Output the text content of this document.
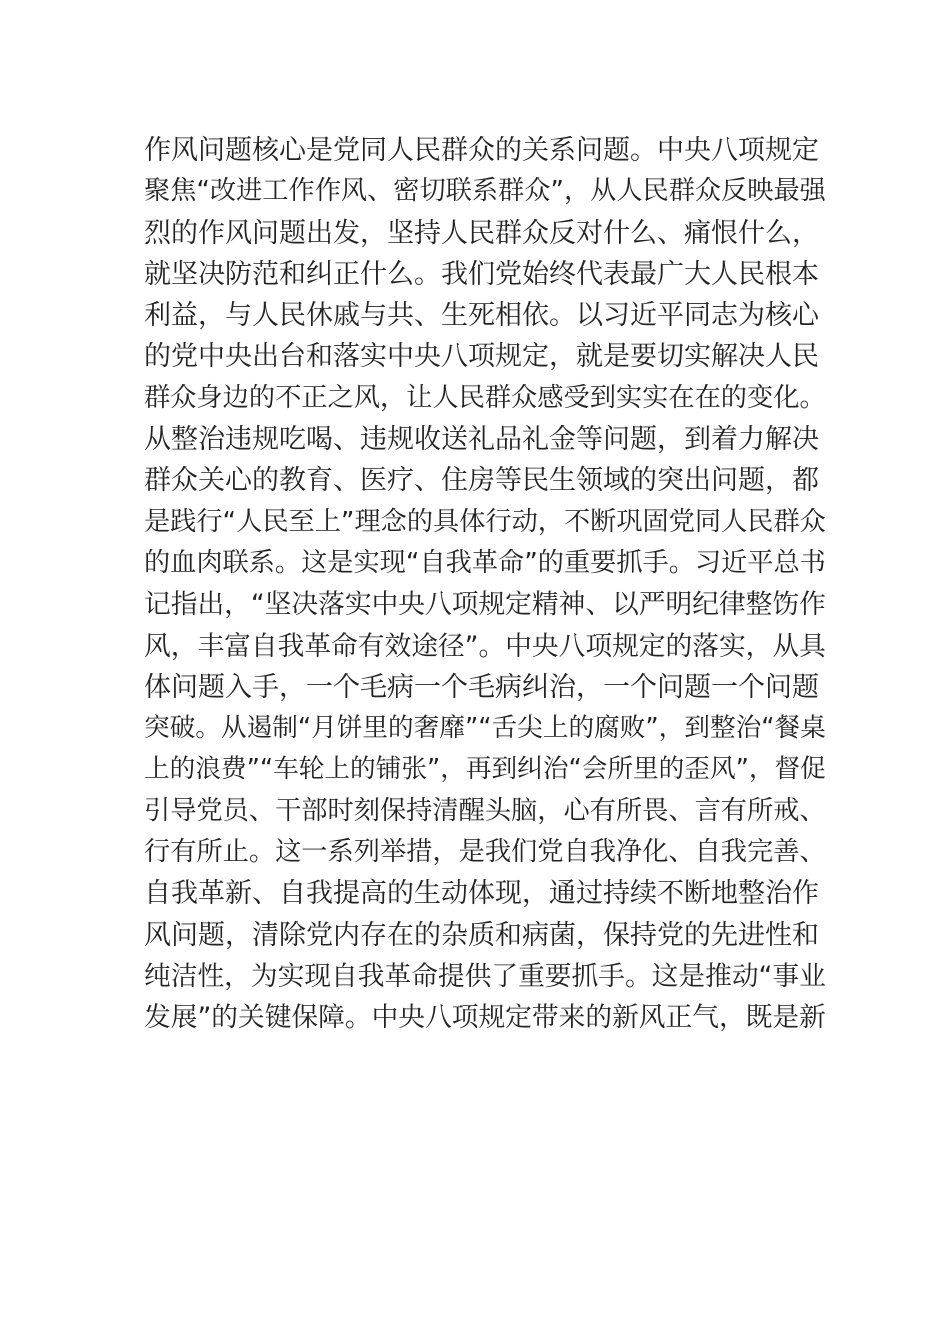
作风问题核心是党同人民群众的关系问题。中央八项规定
聚焦“改进工作作风、密切联系群众”，从人民群众反映最强
烈的作风问题出发，坚持人民群众反对什么、痛恨什么，
就坚决防范和纠正什么。我们党始终代表最广大人民根本
利益，与人民休戚与共、生死相依。以习近平同志为核心
的党中央出台和落实中央八项规定，就是要切实解决人民
群众身边的不正之风，让人民群众感受到实实在在的变化。
从整治违规吃喝、违规收送礼品礼金等问题，到着力解决
群众关心的教育、医疗、住房等民生领域的突出问题，都
是践行“人民至上”理念的具体行动，不断巩固党同人民群众
的血肉联系。这是实现“自我革命”的重要抓手。习近平总书
记指出，“坚决落实中央八项规定精神、以严明纪律整饬作
风，丰富自我革命有效途径”。中央八项规定的落实，从具
体问题入手，一个毛病一个毛病纠治，一个问题一个问题
突破。从遏制“月饼里的奢靡”“舌尖上的腐败”，到整治“餐桌
上的浪费”“车轮上的铺张”，再到纠治“会所里的歪风”，督促
引导党员、干部时刻保持清醒头脑，心有所畏、言有所戒、
行有所止。这一系列举措，是我们党自我净化、自我完善、
自我革新、自我提高的生动体现，通过持续不断地整治作
风问题，清除党内存在的杂质和病菌，保持党的先进性和
纯洁性，为实现自我革命提供了重要抓手。这是推动“事业
发展”的关键保障。中央八项规定带来的新风正气，既是新
